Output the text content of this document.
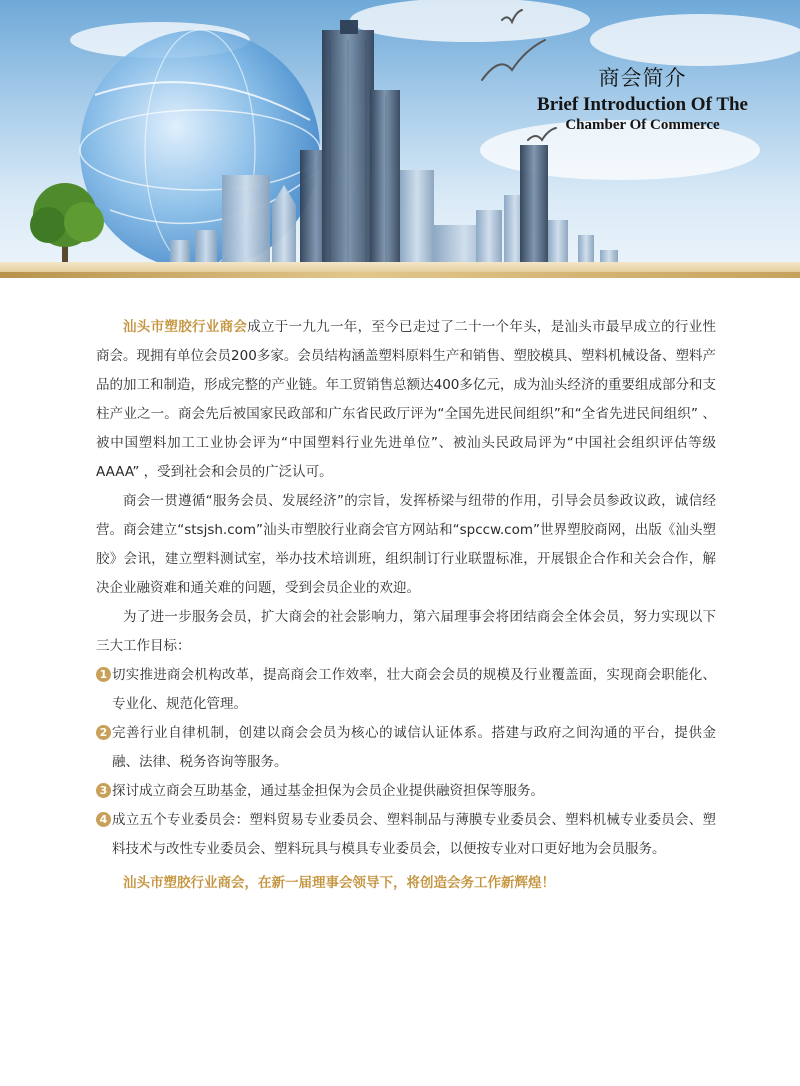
商会简介
Brief Introduction Of The
Chamber Of Commerce

汕头市塑胶行业商会成立于一九九一年，至今已走过了二十一个年头，是汕头市最早成立的行业性商会。现拥有单位会员200多家。会员结构涵盖塑料原料生产和销售、塑胶模具、塑料机械设备、塑料产品的加工和制造，形成完整的产业链。年工贸销售总额达400多亿元，成为汕头经济的重要组成部分和支柱产业之一。商会先后被国家民政部和广东省民政厅评为“全国先进民间组织”和“全省先进民间组织” 、被中国塑料加工工业协会评为“中国塑料行业先进单位”、被汕头民政局评为“中国社会组织评估等级AAAA” ，受到社会和会员的广泛认可。

商会一贯遵循“服务会员、发展经济”的宗旨，发挥桥梁与纽带的作用，引导会员参政议政，诚信经营。商会建立“stsjsh.com”汕头市塑胶行业商会官方网站和“spccw.com”世界塑胶商网，出版《汕头塑胶》会讯，建立塑料测试室，举办技术培训班，组织制订行业联盟标准，开展银企合作和关会合作，解决企业融资难和通关难的问题，受到会员企业的欢迎。

为了进一步服务会员，扩大商会的社会影响力，第六届理事会将团结商会全体会员，努力实现以下三大工作目标：

1 切实推进商会机构改革，提高商会工作效率，壮大商会会员的规模及行业覆盖面，实现商会职能化、专业化、规范化管理。
2 完善行业自律机制，创建以商会会员为核心的诚信认证体系。搭建与政府之间沟通的平台，提供金融、法律、税务咨询等服务。
3 探讨成立商会互助基金，通过基金担保为会员企业提供融资担保等服务。
4 成立五个专业委员会：塑料贸易专业委员会、塑料制品与薄膜专业委员会、塑料机械专业委员会、塑料技术与改性专业委员会、塑料玩具与模具专业委员会，以便按专业对口更好地为会员服务。

汕头市塑胶行业商会，在新一届理事会领导下，将创造会务工作新辉煌！
